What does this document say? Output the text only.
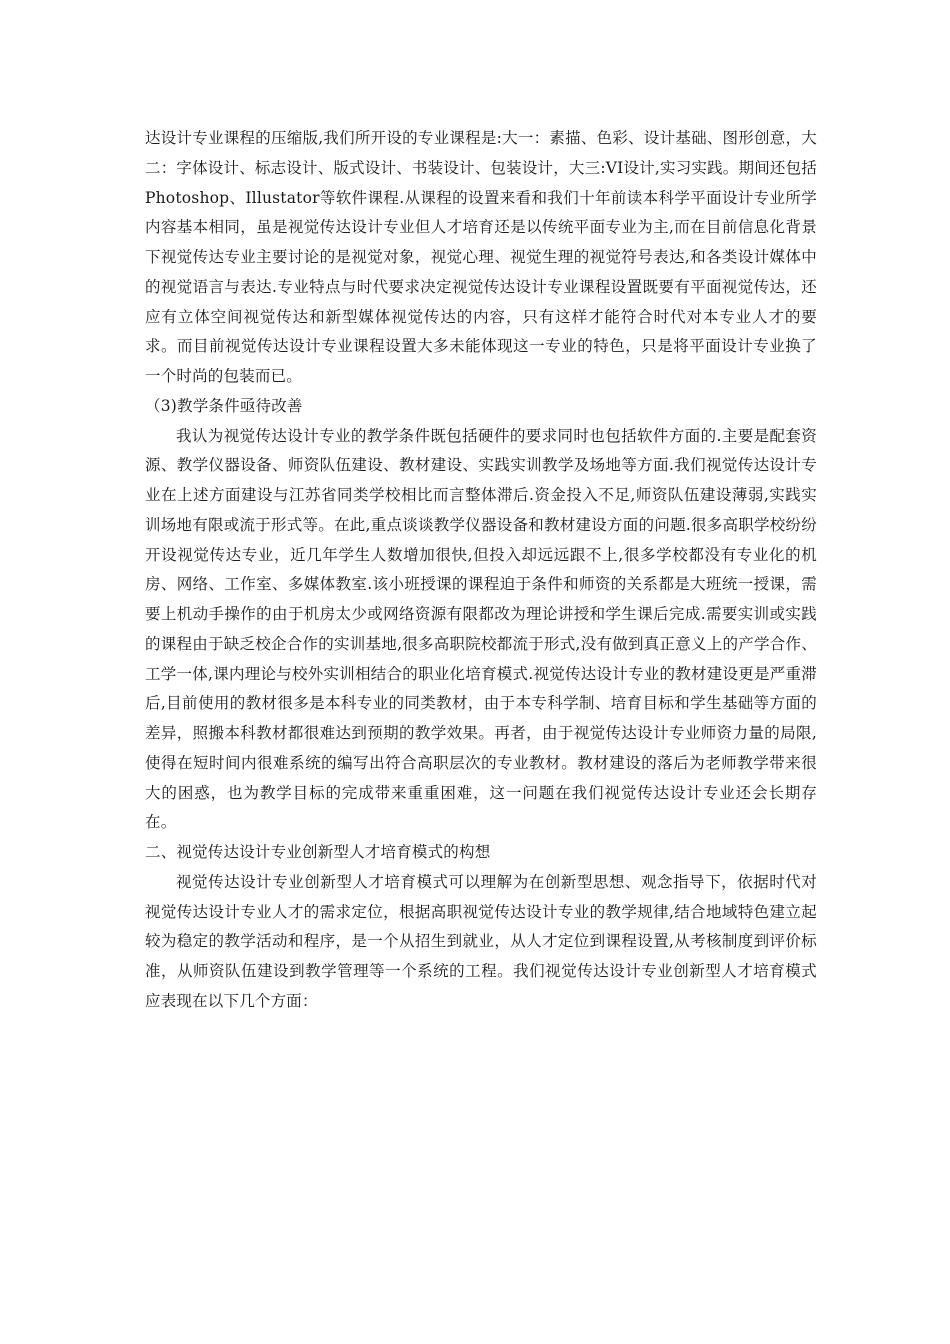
达设计专业课程的压缩版,我们所开设的专业课程是:大一：素描、色彩、设计基础、图形创意，大二：字体设计、标志设计、版式设计、书装设计、包装设计，大三:VI设计,实习实践。期间还包括Photoshop、Illustator等软件课程.从课程的设置来看和我们十年前读本科学平面设计专业所学内容基本相同，虽是视觉传达设计专业但人才培育还是以传统平面专业为主,而在目前信息化背景下视觉传达专业主要讨论的是视觉对象，视觉心理、视觉生理的视觉符号表达,和各类设计媒体中的视觉语言与表达.专业特点与时代要求决定视觉传达设计专业课程设置既要有平面视觉传达，还应有立体空间视觉传达和新型媒体视觉传达的内容，只有这样才能符合时代对本专业人才的要求。而目前视觉传达设计专业课程设置大多未能体现这一专业的特色，只是将平面设计专业换了一个时尚的包装而已。

（3)教学条件亟待改善

我认为视觉传达设计专业的教学条件既包括硬件的要求同时也包括软件方面的.主要是配套资源、教学仪器设备、师资队伍建设、教材建设、实践实训教学及场地等方面.我们视觉传达设计专业在上述方面建设与江苏省同类学校相比而言整体滞后.资金投入不足,师资队伍建设薄弱,实践实训场地有限或流于形式等。在此,重点谈谈教学仪器设备和教材建设方面的问题.很多高职学校纷纷开设视觉传达专业，近几年学生人数增加很快,但投入却远远跟不上,很多学校都没有专业化的机房、网络、工作室、多媒体教室.该小班授课的课程迫于条件和师资的关系都是大班统一授课，需要上机动手操作的由于机房太少或网络资源有限都改为理论讲授和学生课后完成.需要实训或实践的课程由于缺乏校企合作的实训基地,很多高职院校都流于形式,没有做到真正意义上的产学合作、工学一体,课内理论与校外实训相结合的职业化培育模式.视觉传达设计专业的教材建设更是严重滞后,目前使用的教材很多是本科专业的同类教材，由于本专科学制、培育目标和学生基础等方面的差异，照搬本科教材都很难达到预期的教学效果。再者，由于视觉传达设计专业师资力量的局限,使得在短时间内很难系统的编写出符合高职层次的专业教材。教材建设的落后为老师教学带来很大的困惑，也为教学目标的完成带来重重困难，这一问题在我们视觉传达设计专业还会长期存在。

二、视觉传达设计专业创新型人才培育模式的构想

视觉传达设计专业创新型人才培育模式可以理解为在创新型思想、观念指导下，依据时代对视觉传达设计专业人才的需求定位，根据高职视觉传达设计专业的教学规律,结合地域特色建立起较为稳定的教学活动和程序，是一个从招生到就业，从人才定位到课程设置,从考核制度到评价标准，从师资队伍建设到教学管理等一个系统的工程。我们视觉传达设计专业创新型人才培育模式应表现在以下几个方面：
